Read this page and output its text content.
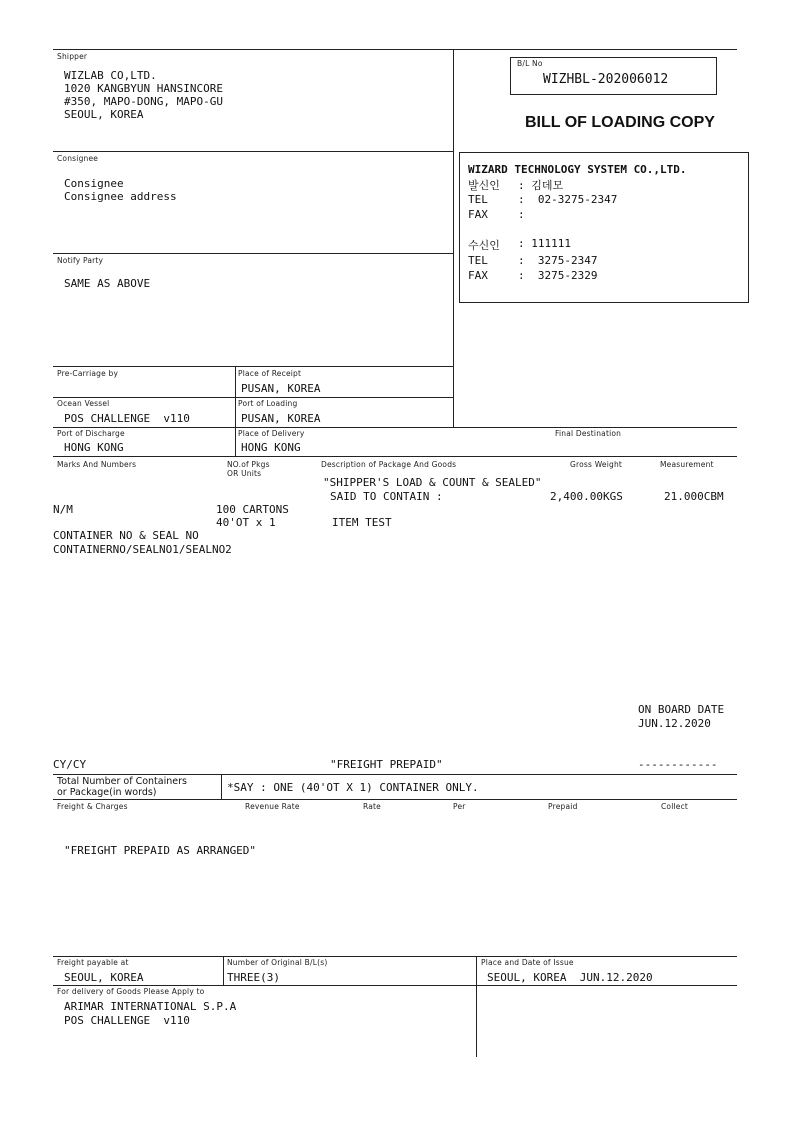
Shipper
WIZLAB CO,LTD.
1020 KANGBYUN HANSINCORE
#350, MAPO-DONG, MAPO-GU
SEOUL, KOREA
B/L No
WIZHBL-202006012
BILL OF LOADING COPY
Consignee
Consignee
Consignee address
WIZARD TECHNOLOGY SYSTEM CO.,LTD.
발신인 : 김데모
TEL	:  02-3275-2347
FAX	:
수신인 : 111111
TEL	:  3275-2347
FAX	:  3275-2329
Notify Party
SAME AS ABOVE
Pre-Carriage by	Place of Receipt
PUSAN, KOREA
Ocean Vessel
POS CHALLENGE  v110
Port of Loading
PUSAN, KOREA
Port of Discharge
HONG KONG
Place of Delivery
HONG KONG
Final Destination
Marks And Numbers	NO.of Pkgs
OR Units
Description of Package And Goods	Gross Weight	Measurement
"SHIPPER'S LOAD & COUNT & SEALED"
SAID TO CONTAIN :	2,400.00KGS	21.000CBM
N/M	100 CARTONS
40'OT x 1	ITEM TEST
CONTAINER NO & SEAL NO
CONTAINERNO/SEALNO1/SEALNO2
ON BOARD DATE
JUN.12.2020
CY/CY	"FREIGHT PREPAID"	------------
Total Number of Containers
or Package(in words)	*SAY : ONE (40'OT X 1) CONTAINER ONLY.
Freight & Charges	Revenue Rate	Rate	Per	Prepaid	Collect
"FREIGHT PREPAID AS ARRANGED"
Freight payable at
SEOUL, KOREA
Number of Original B/L(s)
THREE(3)
Place and Date of Issue
SEOUL, KOREA  JUN.12.2020
For delivery of Goods Please Apply to
ARIMAR INTERNATIONAL S.P.A
POS CHALLENGE  v110
